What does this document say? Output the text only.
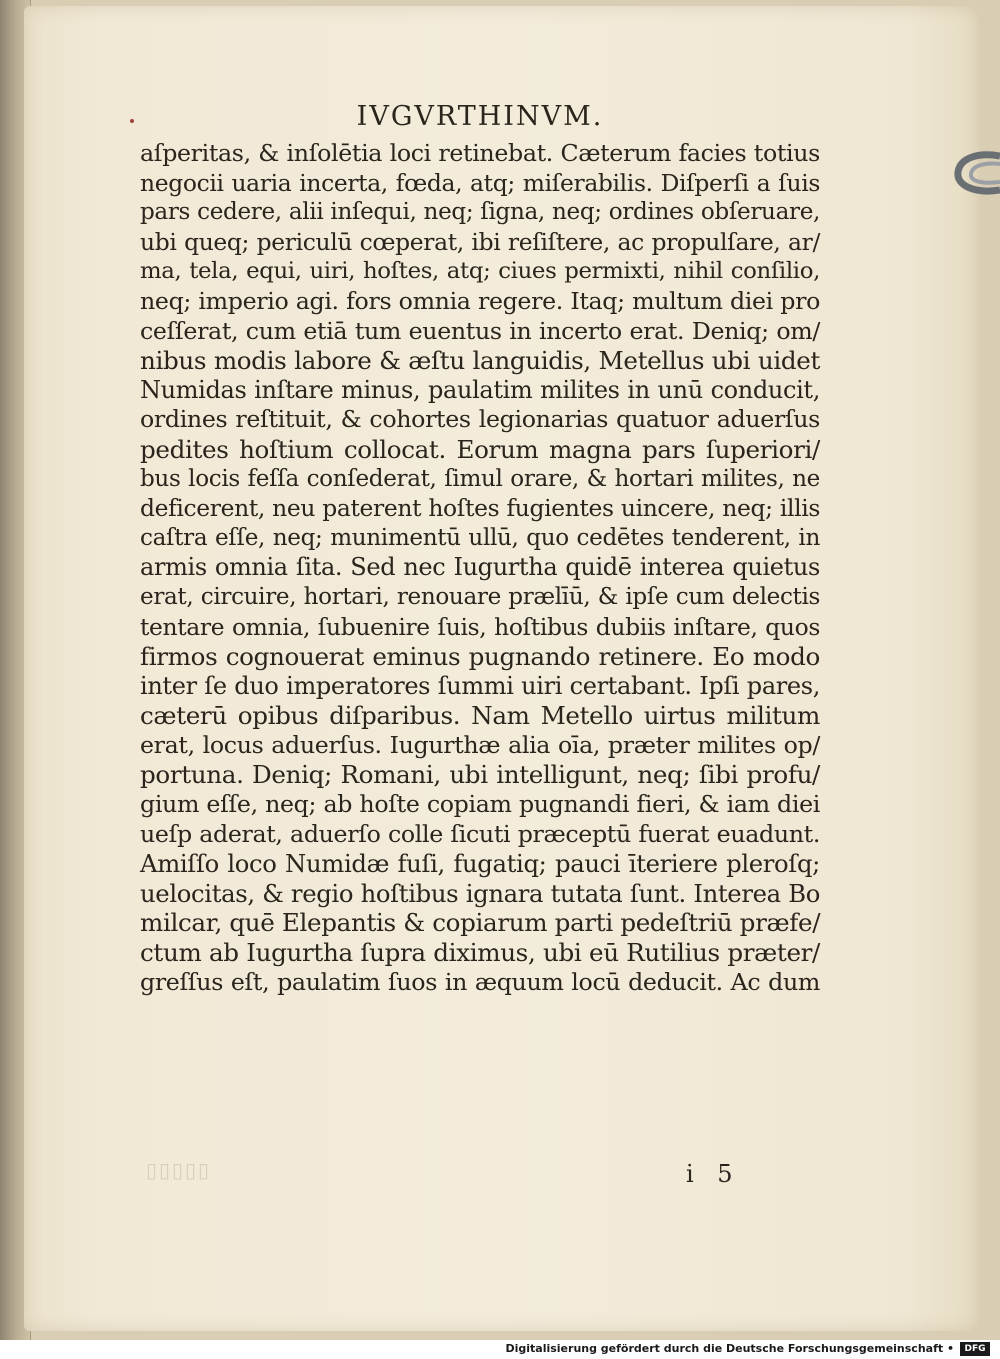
▯▯▯▯▯
IVGVRTHINVM.
aſperitas, & inſolētia loci retinebat. Cæterum facies totius
negocii uaria incerta, fœda, atq; miſerabilis. Diſperſi a ſuis
pars cedere, alii inſequi, neq; ſigna, neq; ordines obſeruare,
ubi queq; periculū cœperat, ibi reſiſtere, ac propulſare, ar/
ma, tela, equi, uiri, hoſtes, atq; ciues permixti, nihil conſilio,
neq; imperio agi. fors omnia regere. Itaq; multum diei pro
ceſſerat, cum etiā tum euentus in incerto erat. Deniq; om/
nibus modis labore & æſtu languidis, Metellus ubi uidet
Numidas inſtare minus, paulatim milites in unū conducit,
ordines reſtituit, & cohortes legionarias quatuor aduerſus
pedites hoſtium collocat. Eorum magna pars ſuperiori/
bus locis feſſa conſederat, ſimul orare, & hortari milites, ne
deficerent, neu paterent hoſtes fugientes uincere, neq; illis
caſtra eſſe, neq; munimentū ullū, quo cedētes tenderent, in
armis omnia ſita. Sed nec Iugurtha quidē interea quietus
erat, circuire, hortari, renouare prælīū, & ipſe cum delectis
tentare omnia, ſubuenire ſuis, hoſtibus dubiis inſtare, quos
firmos cognouerat eminus pugnando retinere. Eo modo
inter ſe duo imperatores ſummi uiri certabant. Ipſi pares,
cæterū opibus diſparibus. Nam Metello uirtus militum
erat, locus aduerſus. Iugurthæ alia oīa, præter milites op/
portuna. Deniq; Romani, ubi intelligunt, neq; ſibi profu/
gium eſſe, neq; ab hoſte copiam pugnandi fieri, & iam diei
ueſp aderat, aduerſo colle ſicuti præceptū fuerat euadunt.
Amiſſo loco Numidæ fuſi, fugatiq; pauci īteriere pleroſq;
uelocitas, & regio hoſtibus ignara tutata ſunt. Interea Bo
milcar, quē Elepantis & copiarum parti pedeſtriū præfe/
ctum ab Iugurtha ſupra diximus, ubi eū Rutilius præter/
greſſus eſt, paulatim ſuos in æquum locū deducit. Ac dum
i 5
Digitalisierung gefördert durch die Deutsche Forschungsgemeinschaft •	DFG
